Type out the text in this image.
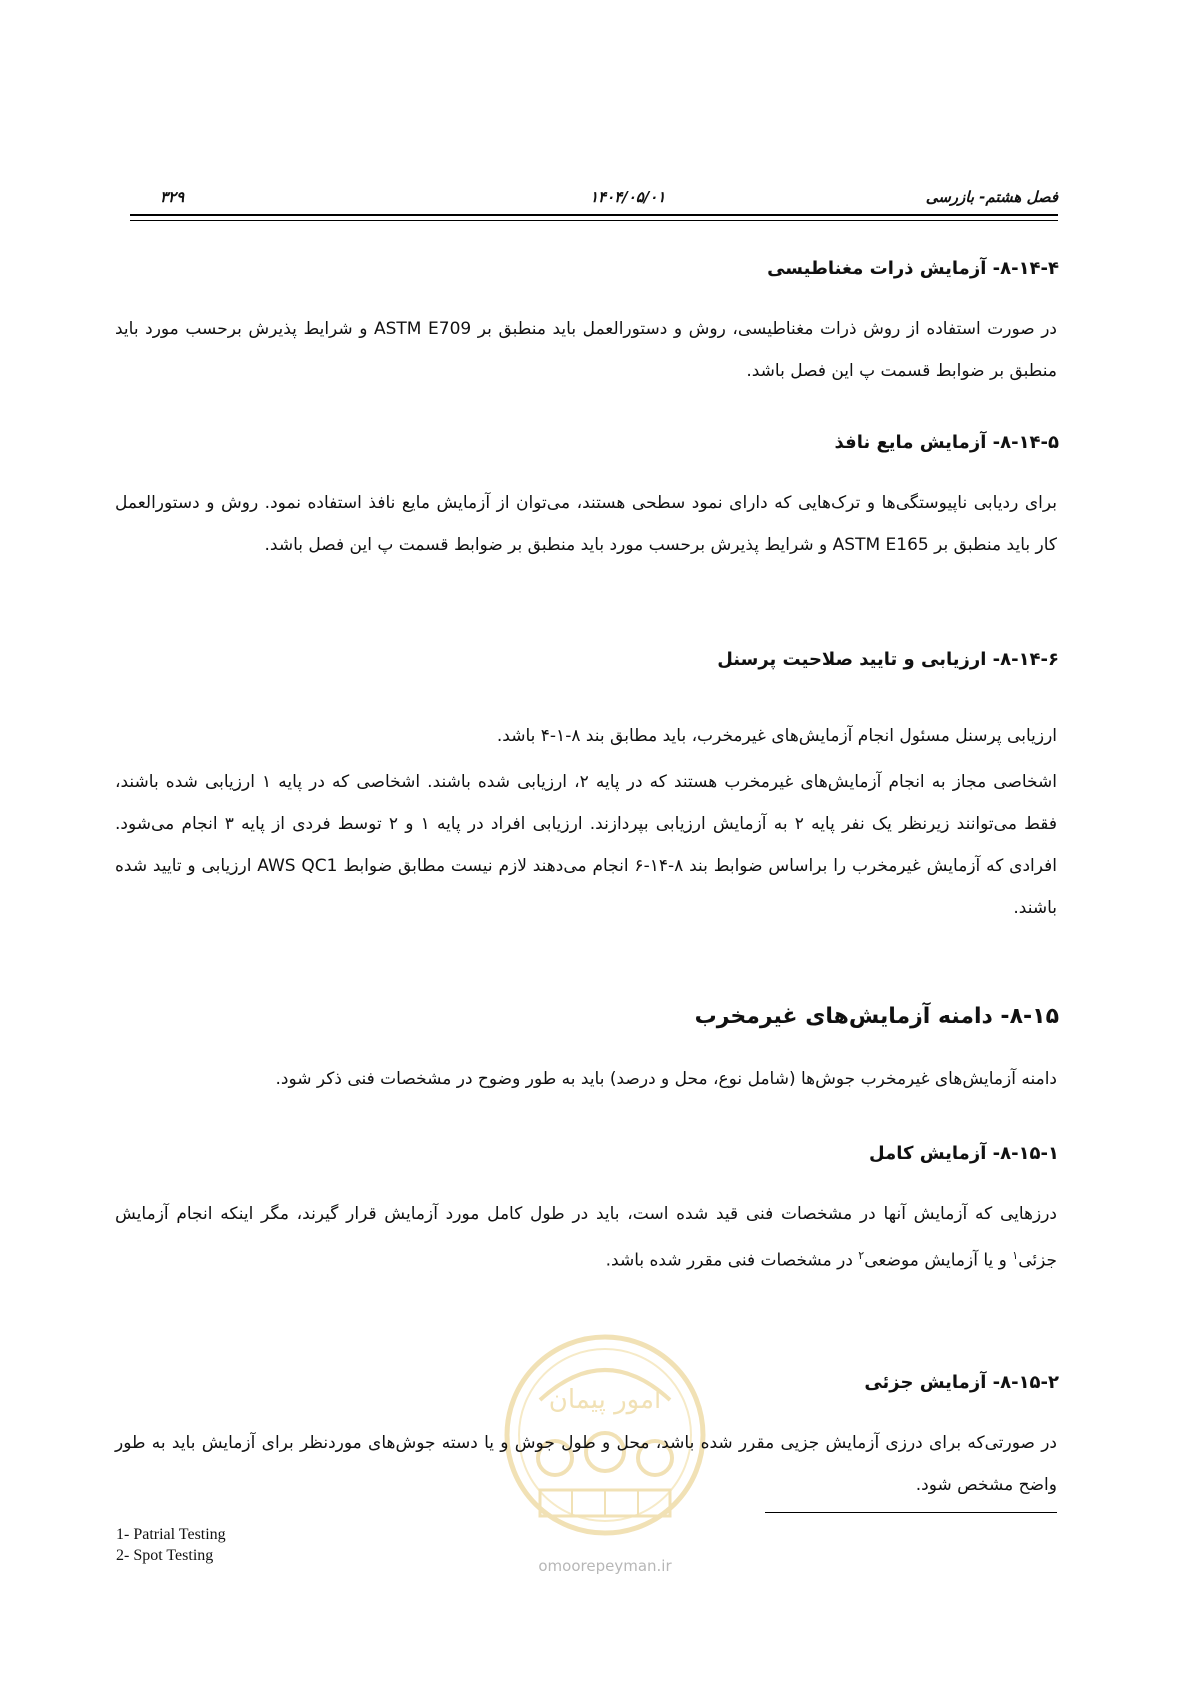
۳۲۹	۱۴۰۴/۰۵/۰۱	فصل هشتم- بازرسی
۸-۱۴-۴- آزمایش ذرات مغناطیسی

در صورت استفاده از روش ذرات مغناطیسی، روش و دستورالعمل باید منطبق بر ASTM E709 و شرایط پذیرش برحسب مورد باید منطبق بر ضوابط قسمت پ این فصل باشد.

۸-۱۴-۵- آزمایش مایع نافذ

برای ردیابی ناپیوستگی‌ها و ترک‌هایی که دارای نمود سطحی هستند، می‌توان از آزمایش مایع نافذ استفاده نمود. روش و دستورالعمل کار باید منطبق بر ASTM E165 و شرایط پذیرش برحسب مورد باید منطبق بر ضوابط قسمت پ این فصل باشد.

۸-۱۴-۶- ارزیابی و تایید صلاحیت پرسنل

ارزیابی پرسنل مسئول انجام آزمایش‌های غیرمخرب، باید مطابق بند ۸-۱-۴ باشد.

اشخاصی مجاز به انجام آزمایش‌های غیرمخرب هستند که در پایه ۲، ارزیابی شده باشند. اشخاصی که در پایه ۱ ارزیابی شده باشند، فقط می‌توانند زیرنظر یک نفر پایه ۲ به آزمایش ارزیابی بپردازند. ارزیابی افراد در پایه ۱ و ۲ توسط فردی از پایه ۳ انجام می‌شود. افرادی که آزمایش غیرمخرب را براساس ضوابط بند ۸-۱۴-۶ انجام می‌دهند لازم نیست مطابق ضوابط AWS QC1 ارزیابی و تایید شده باشند.

۸-۱۵- دامنه آزمایش‌های غیرمخرب

دامنه آزمایش‌های غیرمخرب جوش‌ها (شامل نوع، محل و درصد) باید به طور وضوح در مشخصات فنی ذکر شود.

۸-۱۵-۱- آزمایش کامل

درزهایی که آزمایش آنها در مشخصات فنی قید شده است، باید در طول کامل مورد آزمایش قرار گیرند، مگر اینکه انجام آزمایش جزئی$^۱$ و یا آزمایش موضعی$^۲$ در مشخصات فنی مقرر شده باشد.

امور پیمان
omoorepeyman.ir
۸-۱۵-۲- آزمایش جزئی

در صورتی‌که برای درزی آزمایش جزیی مقرر شده باشد، محل و طول جوش و یا دسته جوش‌های موردنظر برای آزمایش باید به طور واضح مشخص شود.

1- Patrial Testing
2- Spot Testing
